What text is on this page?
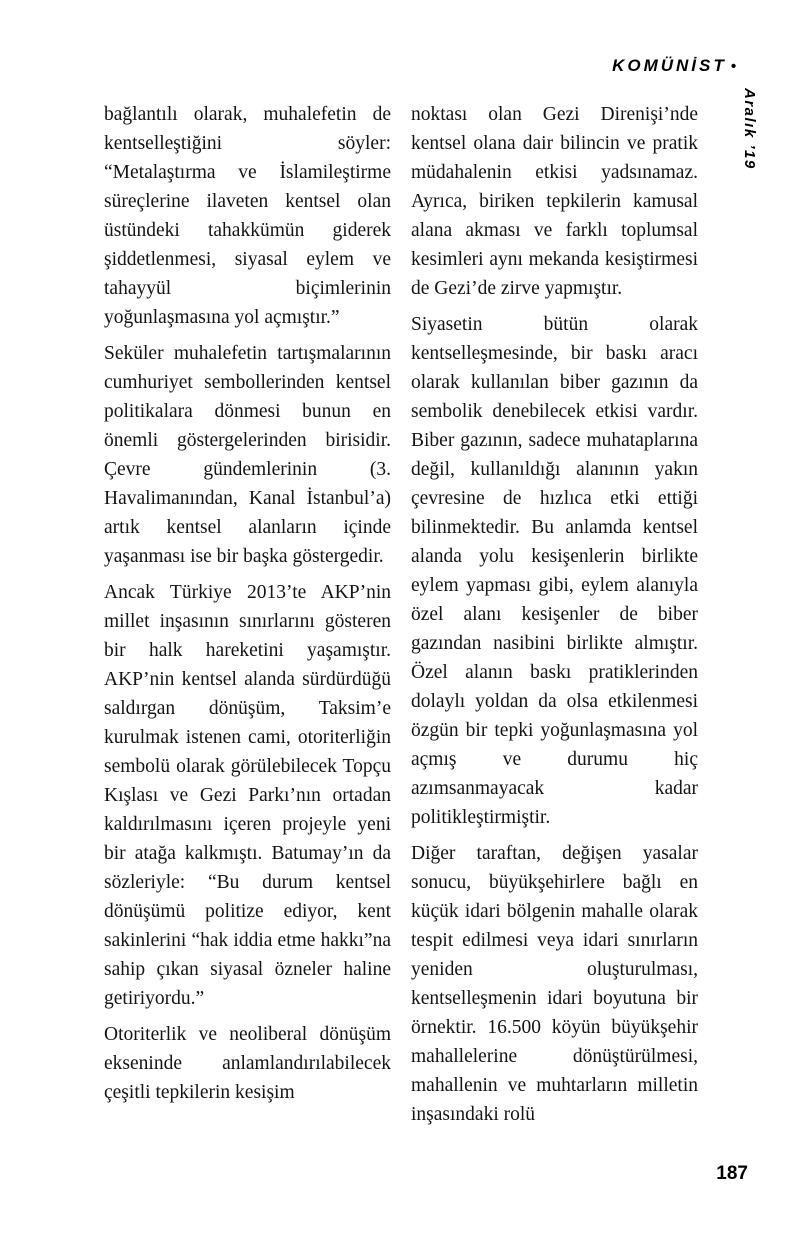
KOMÜNİST •
Aralık ’19

bağlantılı olarak, muhalefetin de kentselleştiğini söyler: “Metalaştırma ve İslamileştirme süreçlerine ilaveten kentsel olan üstündeki tahakkümün giderek şiddetlenmesi, siyasal eylem ve tahayyül biçimlerinin yoğunlaşmasına yol açmıştır.”

Seküler muhalefetin tartışmalarının cumhuriyet sembollerinden kentsel politikalara dönmesi bunun en önemli göstergelerinden birisidir. Çevre gündemlerinin (3. Havalimanından, Kanal İstanbul’a) artık kentsel alanların içinde yaşanması ise bir başka göstergedir.

Ancak Türkiye 2013’te AKP’nin millet inşasının sınırlarını gösteren bir halk hareketini yaşamıştır. AKP’nin kentsel alanda sürdürdüğü saldırgan dönüşüm, Taksim’e kurulmak istenen cami, otoriterliğin sembolü olarak görülebilecek Topçu Kışlası ve Gezi Parkı’nın ortadan kaldırılmasını içeren projeyle yeni bir atağa kalkmıştı. Batumay’ın da sözleriyle: “Bu durum kentsel dönüşümü politize ediyor, kent sakinlerini “hak iddia etme hakkı”na sahip çıkan siyasal özneler haline getiriyordu.”

Otoriterlik ve neoliberal dönüşüm ekseninde anlamlandırılabilecek çeşitli tepkilerin kesişim

noktası olan Gezi Direnişi’nde kentsel olana dair bilincin ve pratik müdahalenin etkisi yadsınamaz. Ayrıca, biriken tepkilerin kamusal alana akması ve farklı toplumsal kesimleri aynı mekanda kesiştirmesi de Gezi’de zirve yapmıştır.

Siyasetin bütün olarak kentselleşmesinde, bir baskı aracı olarak kullanılan biber gazının da sembolik denebilecek etkisi vardır. Biber gazının, sadece muhataplarına değil, kullanıldığı alanının yakın çevresine de hızlıca etki ettiği bilinmektedir. Bu anlamda kentsel alanda yolu kesişenlerin birlikte eylem yapması gibi, eylem alanıyla özel alanı kesişenler de biber gazından nasibini birlikte almıştır. Özel alanın baskı pratiklerinden dolaylı yoldan da olsa etkilenmesi özgün bir tepki yoğunlaşmasına yol açmış ve durumu hiç azımsanmayacak kadar politikleştirmiştir.

Diğer taraftan, değişen yasalar sonucu, büyükşehirlere bağlı en küçük idari bölgenin mahalle olarak tespit edilmesi veya idari sınırların yeniden oluşturulması, kentselleşmenin idari boyutuna bir örnektir. 16.500 köyün büyükşehir mahallelerine dönüştürülmesi, mahallenin ve muhtarların milletin inşasındaki rolü

187
